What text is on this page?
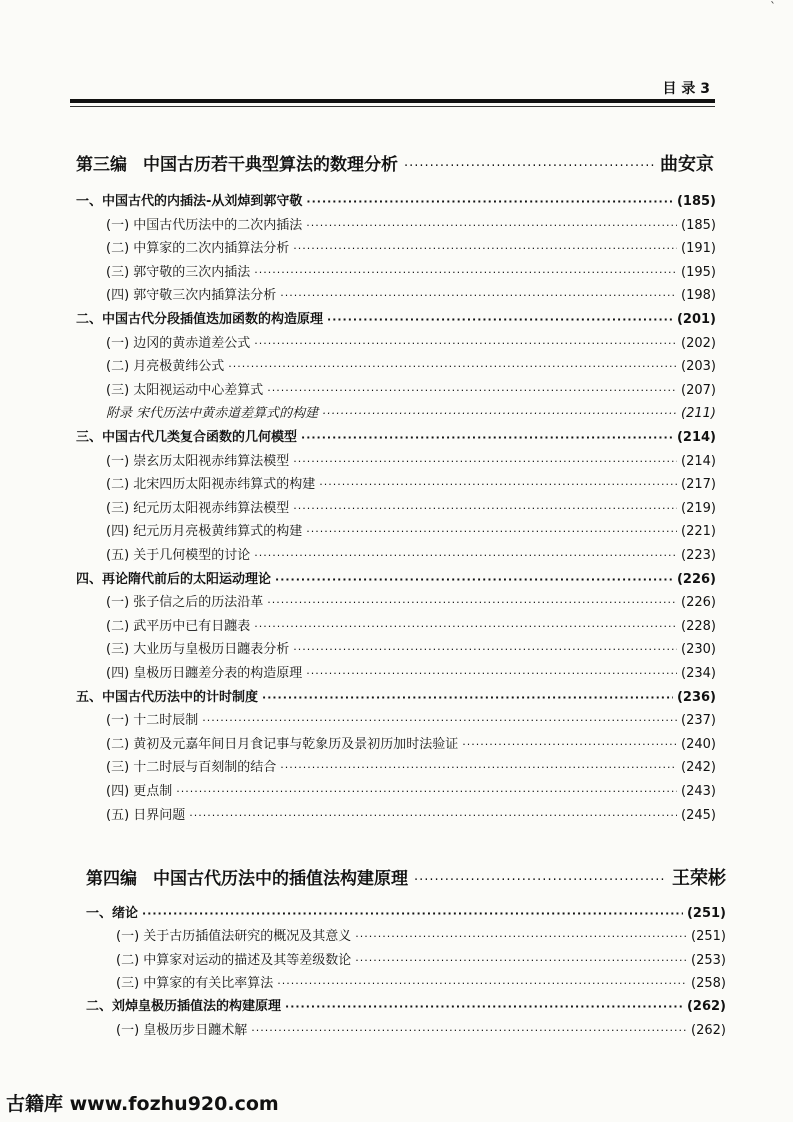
ˋ
目 录 3
第三编 中国古历若干典型算法的数理分析 ·····	曲安京
一、中国古代的内插法-从刘焯到郭守敬 ·····	(185)
(一) 中国古代历法中的二次内插法 ·····	(185)
(二) 中算家的二次内插算法分析 ·····	(191)
(三) 郭守敬的三次内插法 ·····	(195)
(四) 郭守敬三次内插算法分析 ·····	(198)
二、中国古代分段插值迭加函数的构造原理 ·····	(201)
(一) 边冈的黄赤道差公式 ·····	(202)
(二) 月亮极黄纬公式 ·····	(203)
(三) 太阳视运动中心差算式 ·····	(207)
附录 宋代历法中黄赤道差算式的构建 ·····	(211)
三、中国古代几类复合函数的几何模型 ·····	(214)
(一) 崇玄历太阳视赤纬算法模型 ·····	(214)
(二) 北宋四历太阳视赤纬算式的构建 ·····	(217)
(三) 纪元历太阳视赤纬算法模型 ·····	(219)
(四) 纪元历月亮极黄纬算式的构建 ·····	(221)
(五) 关于几何模型的讨论 ·····	(223)
四、再论隋代前后的太阳运动理论 ·····	(226)
(一) 张子信之后的历法沿革 ·····	(226)
(二) 武平历中已有日躔表 ·····	(228)
(三) 大业历与皇极历日躔表分析 ·····	(230)
(四) 皇极历日躔差分表的构造原理 ·····	(234)
五、中国古代历法中的计时制度 ·····	(236)
(一) 十二时辰制 ·····	(237)
(二) 黄初及元嘉年间日月食记事与乾象历及景初历加时法验证 ·····	(240)
(三) 十二时辰与百刻制的结合 ·····	(242)
(四) 更点制 ·····	(243)
(五) 日界问题 ·····	(245)
第四编 中国古代历法中的插值法构建原理 ·····	王荣彬
一、绪论 ·····	(251)
(一) 关于古历插值法研究的概况及其意义 ·····	(251)
(二) 中算家对运动的描述及其等差级数论 ·····	(253)
(三) 中算家的有关比率算法 ·····	(258)
二、刘焯皇极历插值法的构建原理 ·····	(262)
(一) 皇极历步日躔术解 ·····	(262)
古籍库 www.fozhu920.com
